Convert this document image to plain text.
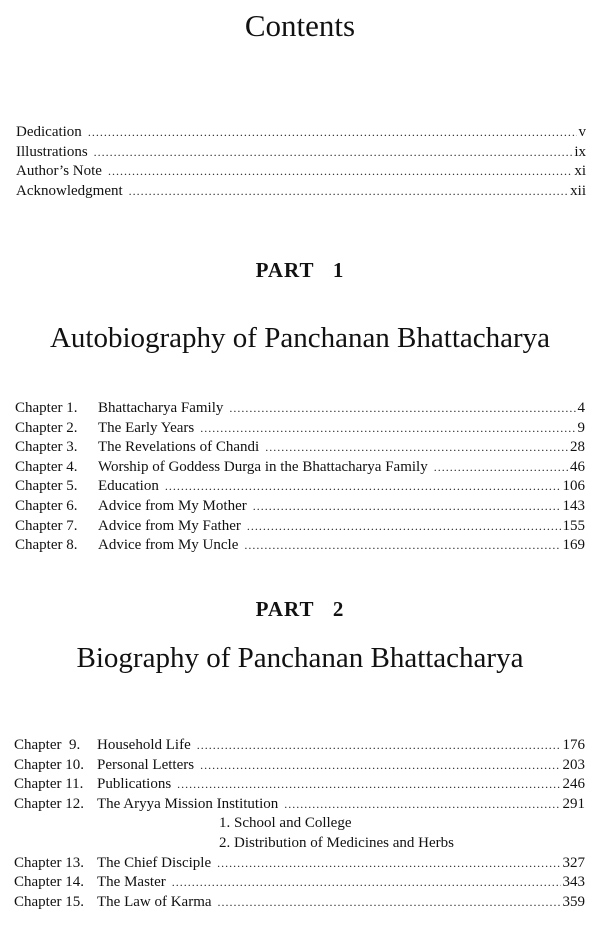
Contents
Dedication .....	v
Illustrations .....	ix
Author’s Note .....	xi
Acknowledgment .....	xii
PART   1
Autobiography of Panchanan Bhattacharya
Chapter 1. Bhattacharya Family .....	4
Chapter 2. The Early Years .....	9
Chapter 3. The Revelations of Chandi .....	28
Chapter 4. Worship of Goddess Durga in the Bhattacharya Family .....	46
Chapter 5. Education .....	106
Chapter 6. Advice from My Mother .....	143
Chapter 7. Advice from My Father .....	155
Chapter 8. Advice from My Uncle .....	169
PART   2
Biography of Panchanan Bhattacharya
Chapter  9. Household Life .....	176
Chapter 10. Personal Letters .....	203
Chapter 11. Publications .....	246
Chapter 12. The Aryya Mission Institution .....	291
1. School and College
2. Distribution of Medicines and Herbs
Chapter 13. The Chief Disciple .....	327
Chapter 14. The Master .....	343
Chapter 15. The Law of Karma .....	359
